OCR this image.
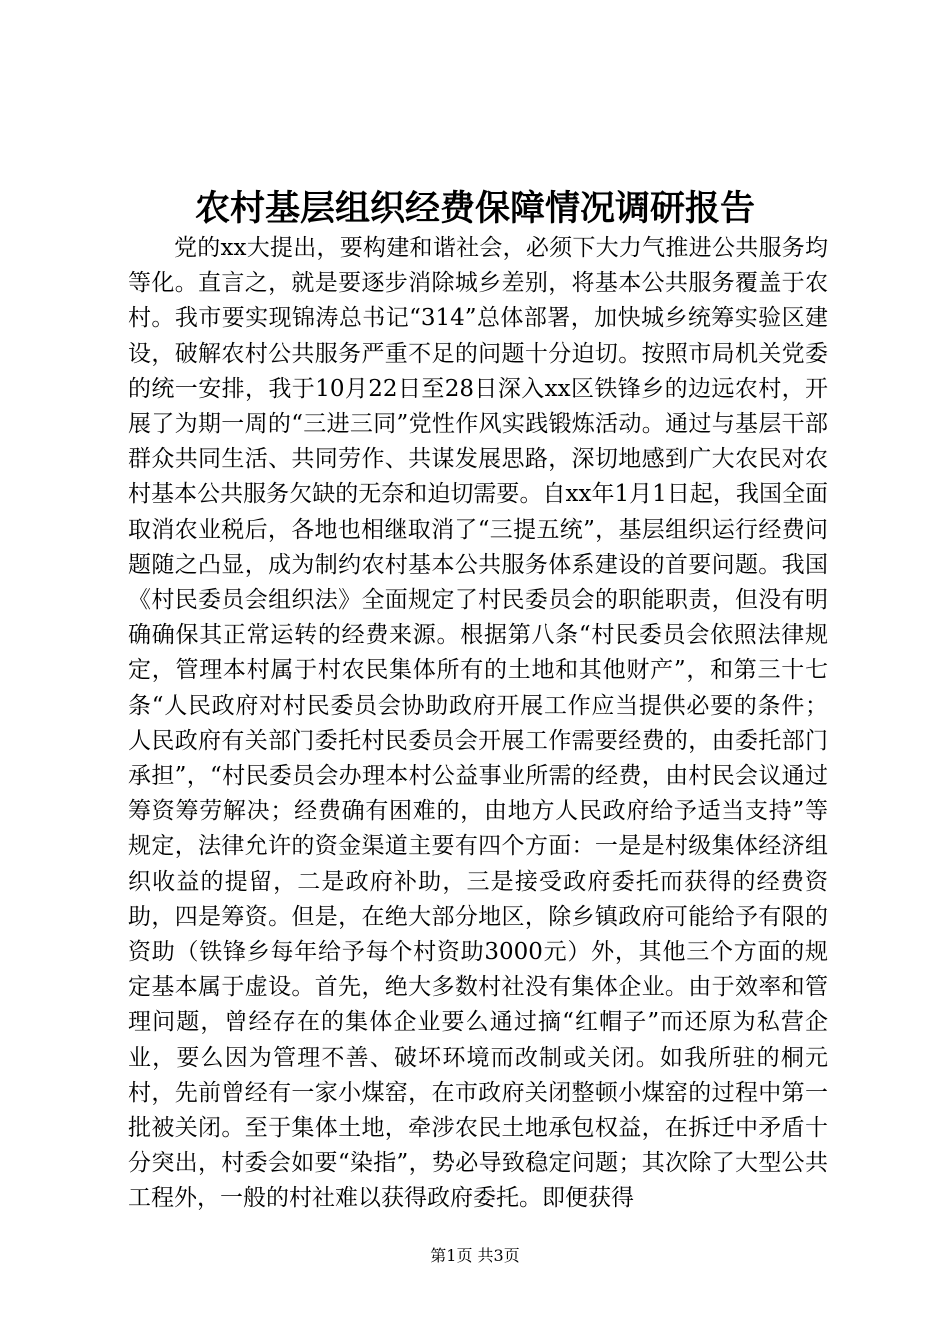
农村基层组织经费保障情况调研报告

党的xx大提出，要构建和谐社会，必须下大力气推进公共服务均等化。直言之，就是要逐步消除城乡差别，将基本公共服务覆盖于农村。我市要实现锦涛总书记“314”总体部署，加快城乡统筹实验区建设，破解农村公共服务严重不足的问题十分迫切。按照市局机关党委的统一安排，我于10月22日至28日深入xx区铁锋乡的边远农村，开展了为期一周的“三进三同”党性作风实践锻炼活动。通过与基层干部群众共同生活、共同劳作、共谋发展思路，深切地感到广大农民对农村基本公共服务欠缺的无奈和迫切需要。自xx年1月1日起，我国全面取消农业税后，各地也相继取消了“三提五统”，基层组织运行经费问题随之凸显，成为制约农村基本公共服务体系建设的首要问题。我国《村民委员会组织法》全面规定了村民委员会的职能职责，但没有明确确保其正常运转的经费来源。根据第八条“村民委员会依照法律规定，管理本村属于村农民集体所有的土地和其他财产”，和第三十七条“人民政府对村民委员会协助政府开展工作应当提供必要的条件；人民政府有关部门委托村民委员会开展工作需要经费的，由委托部门承担”，“村民委员会办理本村公益事业所需的经费，由村民会议通过筹资筹劳解决；经费确有困难的，由地方人民政府给予适当支持”等规定，法律允许的资金渠道主要有四个方面：一是是村级集体经济组织收益的提留，二是政府补助，三是接受政府委托而获得的经费资助，四是筹资。但是，在绝大部分地区，除乡镇政府可能给予有限的资助（铁锋乡每年给予每个村资助3000元）外，其他三个方面的规定基本属于虚设。首先，绝大多数村社没有集体企业。由于效率和管理问题，曾经存在的集体企业要么通过摘“红帽子”而还原为私营企业，要么因为管理不善、破坏环境而改制或关闭。如我所驻的桐元村，先前曾经有一家小煤窑，在市政府关闭整顿小煤窑的过程中第一批被关闭。至于集体土地，牵涉农民土地承包权益，在拆迁中矛盾十分突出，村委会如要“染指”，势必导致稳定问题；其次除了大型公共工程外，一般的村社难以获得政府委托。即便获得

第1页 共3页
